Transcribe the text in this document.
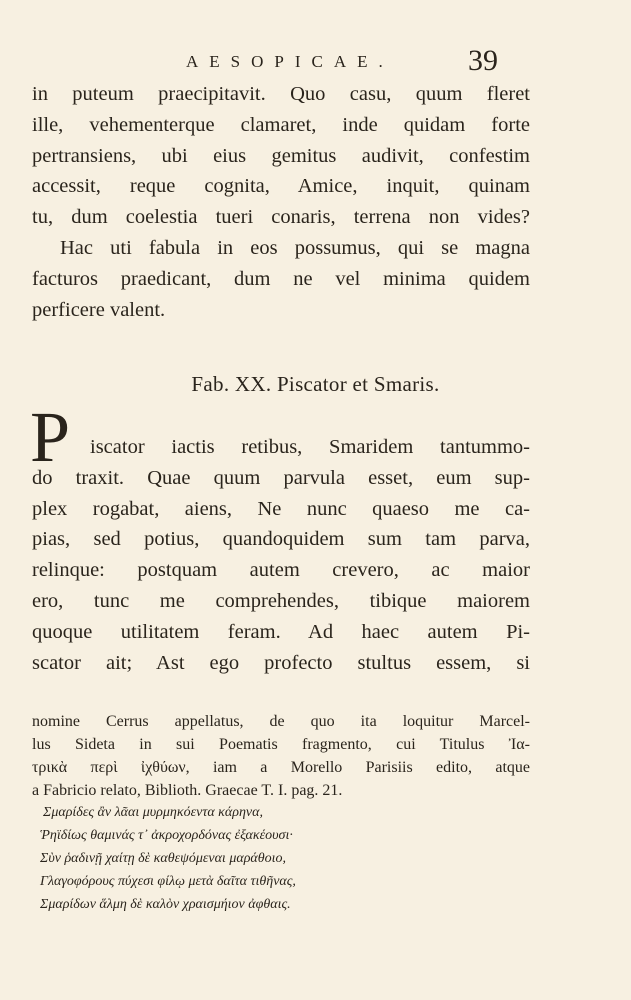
AESOPICAE. 39
in puteum praecipitavit. Quo casu, quum fleret
ille, vehementerque clamaret, inde quidam forte
pertransiens, ubi eius gemitus audivit, confestim
accessit, reque cognita, Amice, inquit, quinam
tu, dum coelestia tueri conaris, terrena non vides?
Hac uti fabula in eos possumus, qui se magna
facturos praedicant, dum ne vel minima quidem
perficere valent.
Fab. XX. Piscator et Smaris.
P iscator iactis retibus, Smaridem tantummo-
do traxit. Quae quum parvula esset, eum sup-
plex rogabat, aiens, Ne nunc quaeso me ca-
pias, sed potius, quandoquidem sum tam parva,
relinque: postquam autem crevero, ac maior
ero, tunc me comprehendes, tibique maiorem
quoque utilitatem feram. Ad haec autem Pi-
scator ait; Ast ego profecto stultus essem, si
nomine Cerrus appellatus, de quo ita loquitur Marcel-
lus Sideta in sui Poematis fragmento, cui Titulus Ἰα-
τρικὰ περὶ ἰχθύων, iam a Morello Parisiis edito, atque
a Fabricio relato, Biblioth. Graecae T. I. pag. 21.
Σμαρίδες ἂν λᾶαι μυρμηκόεντα κάρηνα,
Ῥηϊδίως θαμινάς τ᾽ ἀκροχορδόνας ἐξακέουσι·
Σὺν ῥαδινῇ χαίτῃ δὲ καθεψόμεναι μαράθοιο,
Γλαγοφόρους πύχεσι φίλῳ μετὰ δαῖτα τιθῆνας,
Σμαρίδων ἅλμη δὲ καλὸν χραισμήιον ἀφθαις.
